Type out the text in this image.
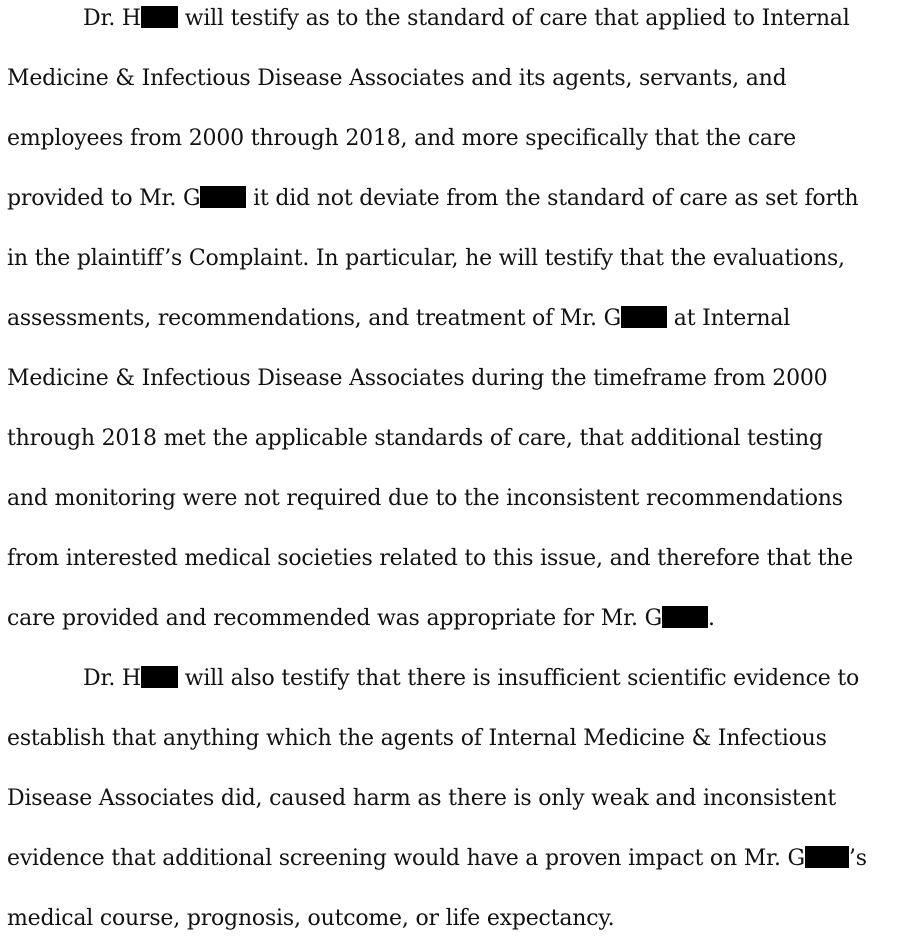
Dr. H will testify as to the standard of care that applied to Internal
Medicine & Infectious Disease Associates and its agents, servants, and
employees from 2000 through 2018, and more specifically that the care
provided to Mr. G it did not deviate from the standard of care as set forth
in the plaintiff’s Complaint. In particular, he will testify that the evaluations,
assessments, recommendations, and treatment of Mr. G at Internal
Medicine & Infectious Disease Associates during the timeframe from 2000
through 2018 met the applicable standards of care, that additional testing
and monitoring were not required due to the inconsistent recommendations
from interested medical societies related to this issue, and therefore that the
care provided and recommended was appropriate for Mr. G .
Dr. H will also testify that there is insufficient scientific evidence to
establish that anything which the agents of Internal Medicine & Infectious
Disease Associates did, caused harm as there is only weak and inconsistent
evidence that additional screening would have a proven impact on Mr. G ’s
medical course, prognosis, outcome, or life expectancy.
